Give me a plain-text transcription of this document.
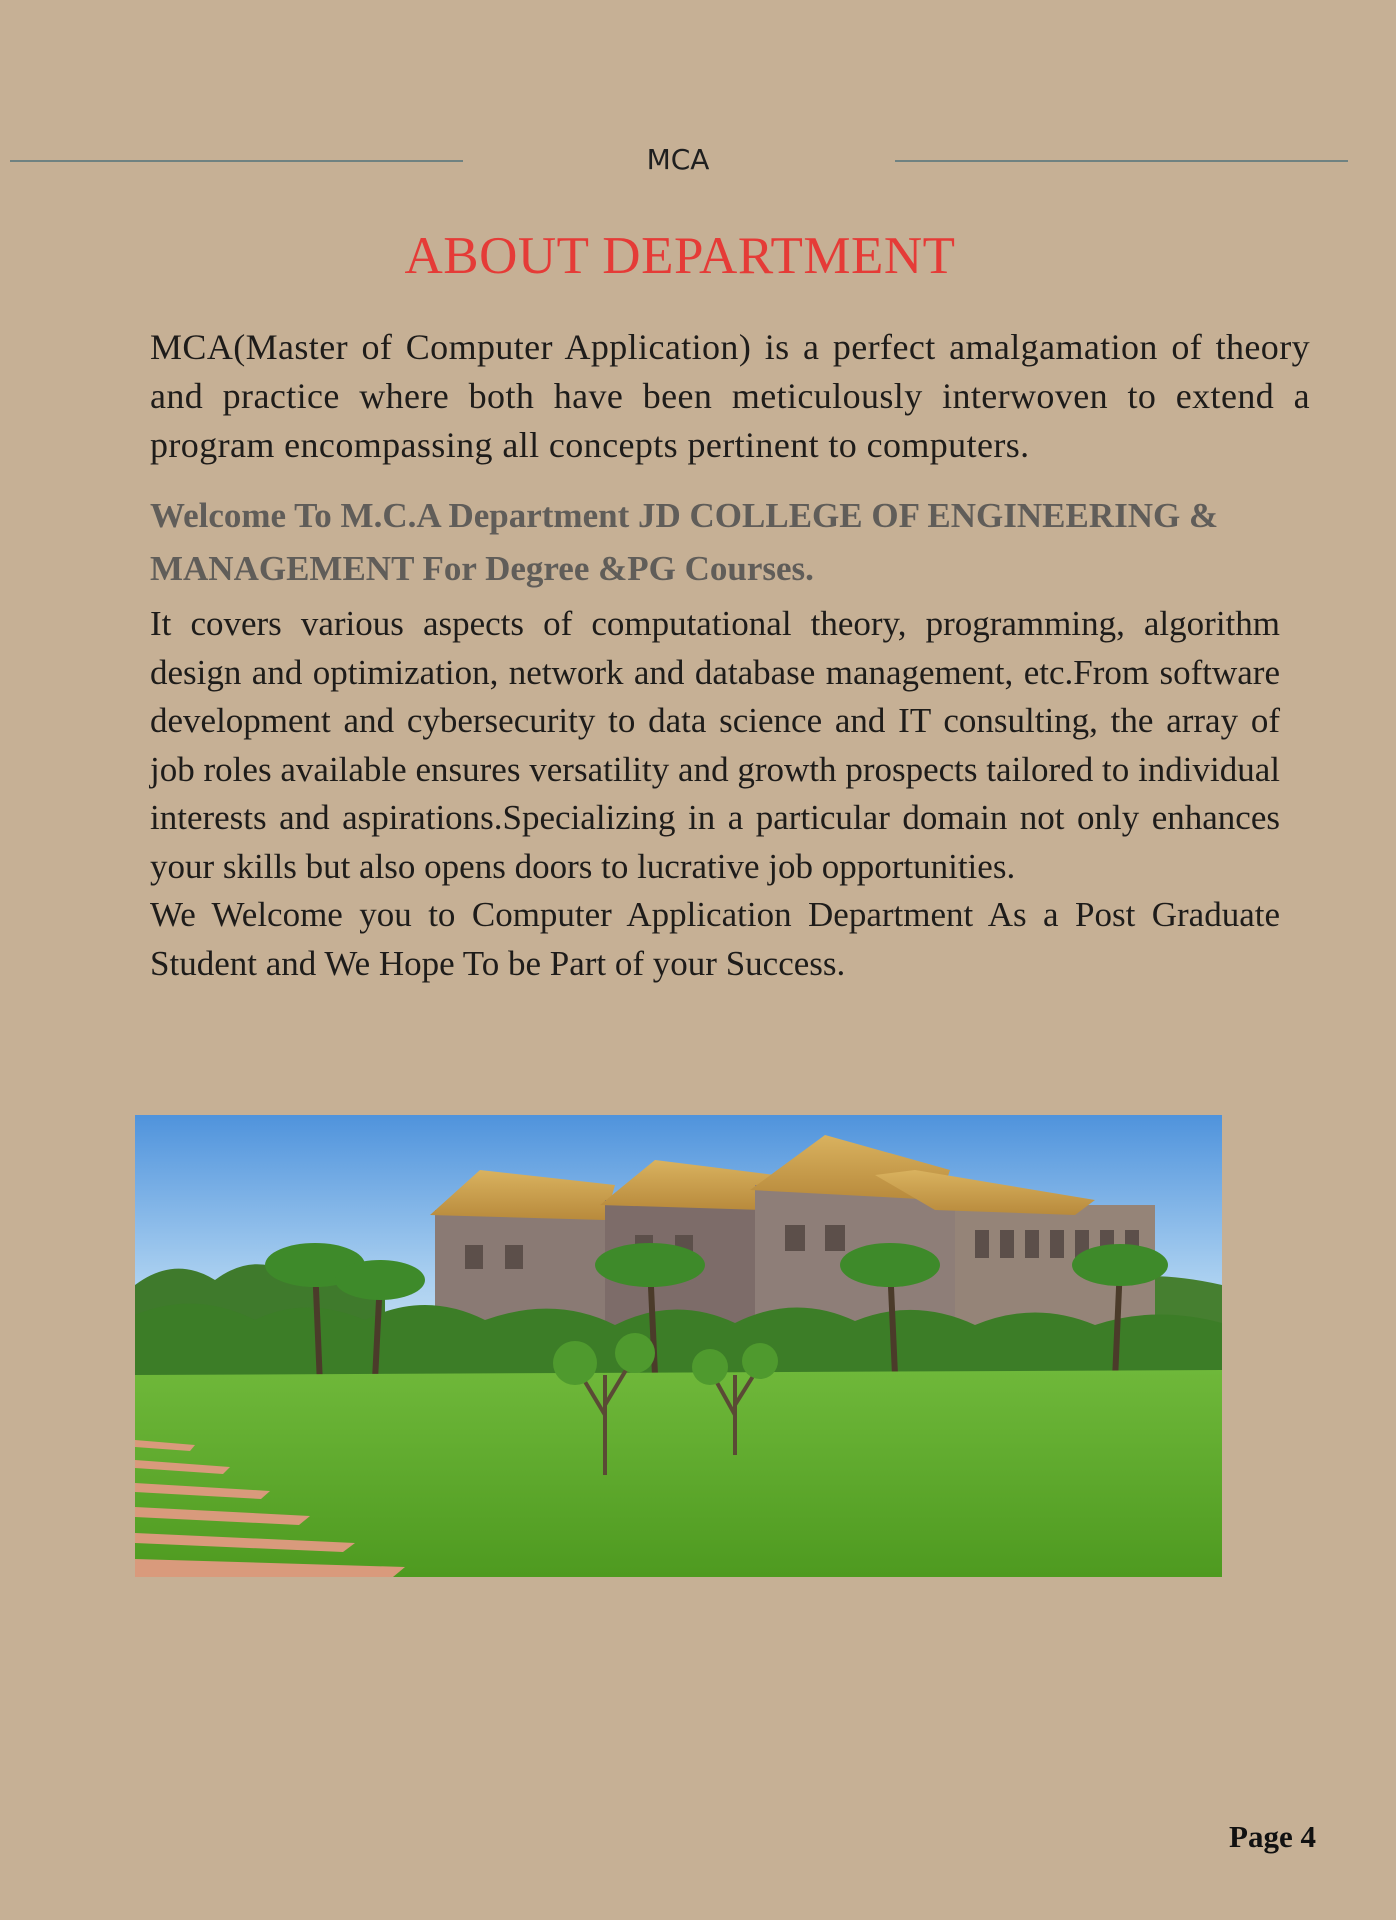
MCA
ABOUT DEPARTMENT

MCA(Master of Computer Application) is a perfect amalgamation of theory and practice where both have been meticulously interwoven to extend a program encompassing all concepts pertinent to computers.

Welcome To M.C.A Department JD COLLEGE OF ENGINEERING & MANAGEMENT For Degree &PG Courses.

It covers various aspects of computational theory, programming, algorithm design and optimization, network and database management, etc.From software development and cybersecurity to data science and IT consulting, the array of job roles available ensures versatility and growth prospects tailored to individual interests and aspirations.Specializing in a particular domain not only enhances your skills but also opens doors to lucrative job opportunities.

We Welcome you to Computer Application Department As a Post Graduate Student and We Hope To be Part of your Success.

Page 4
